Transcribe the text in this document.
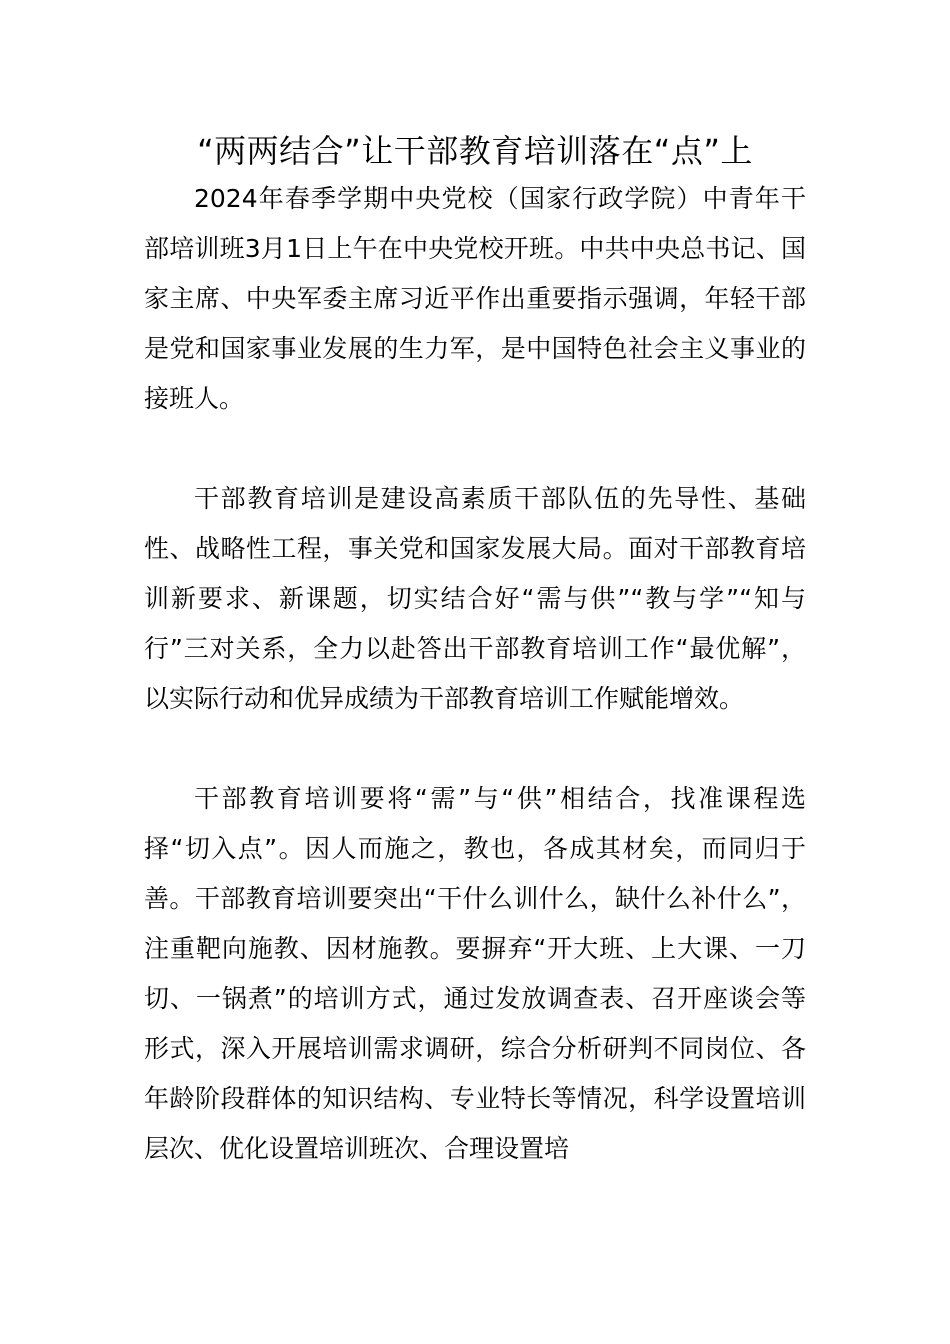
“两两结合”让干部教育培训落在“点”上

2024年春季学期中央党校（国家行政学院）中青年干部培训班3月1日上午在中央党校开班。中共中央总书记、国家主席、中央军委主席习近平作出重要指示强调，年轻干部是党和国家事业发展的生力军，是中国特色社会主义事业的接班人。

干部教育培训是建设高素质干部队伍的先导性、基础性、战略性工程，事关党和国家发展大局。面对干部教育培训新要求、新课题，切实结合好“需与供”“教与学”“知与行”三对关系，全力以赴答出干部教育培训工作“最优解”，以实际行动和优异成绩为干部教育培训工作赋能增效。

干部教育培训要将“需”与“供”相结合，找准课程选择“切入点”。因人而施之，教也，各成其材矣，而同归于善。干部教育培训要突出“干什么训什么，缺什么补什么”，注重靶向施教、因材施教。要摒弃“开大班、上大课、一刀切、一锅煮”的培训方式，通过发放调查表、召开座谈会等形式，深入开展培训需求调研，综合分析研判不同岗位、各年龄阶段群体的知识结构、专业特长等情况，科学设置培训层次、优化设置培训班次、合理设置培
